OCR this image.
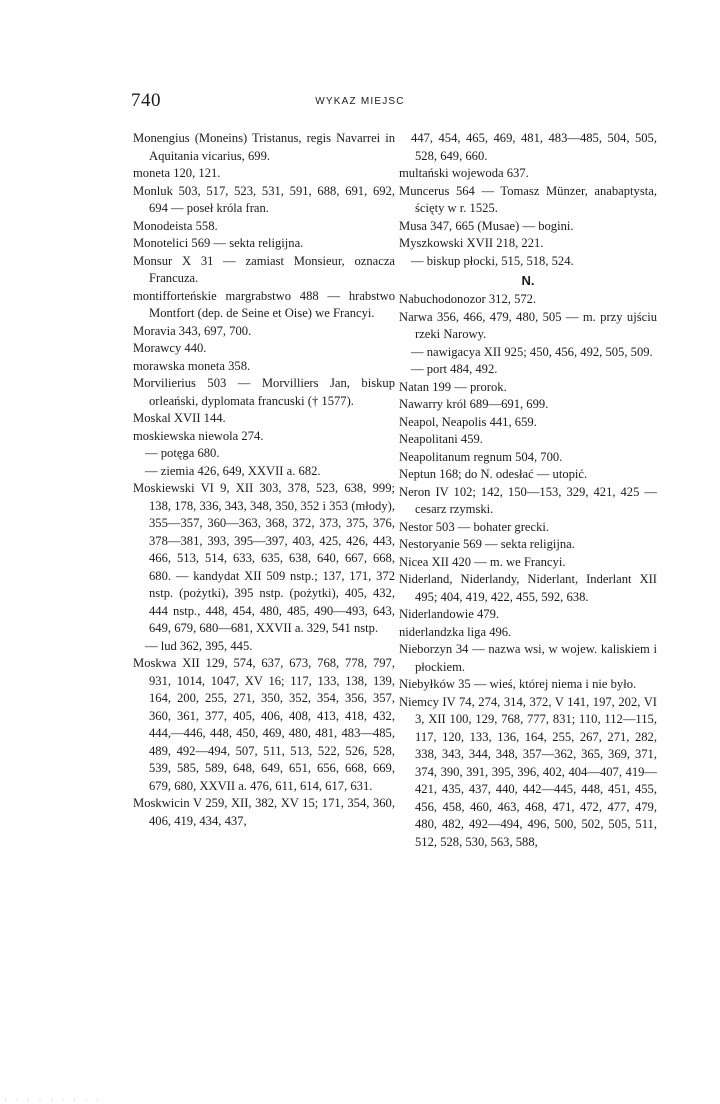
740	WYKAZ MIEJSC
Monengius (Moneins) Tristanus, regis Navarrei in Aquitania vicarius, 699.
moneta 120, 121.
Monluk 503, 517, 523, 531, 591, 688, 691, 692, 694 — poseł króla fran.
Monodeista 558.
Monotelici 569 — sekta religijna.
Monsur X 31 — zamiast Monsieur, oznacza Francuza.
montiffortеńskie margrabstwo 488 — hrabstwo Montfort (dep. de Seine et Oise) we Francyi.
Moravia 343, 697, 700.
Morawcy 440.
morawska moneta 358.
Morvilierius 503 — Morvilliers Jan, biskup orleański, dyplomata francuski († 1577).
Moskal XVII 144.
moskiewska niewola 274.
— potęga 680.
— ziemia 426, 649, XXVII a. 682.
Moskiewski VI 9, XII 303, 378, 523, 638, 999; 138, 178, 336, 343, 348, 350, 352 i 353 (młody), 355—357, 360—363, 368, 372, 373, 375, 376, 378—381, 393, 395—397, 403, 425, 426, 443, 466, 513, 514, 633, 635, 638, 640, 667, 668, 680. — kandydat XII 509 nstp.; 137, 171, 372 nstp. (pożytki), 395 nstp. (pożytki), 405, 432, 444 nstp., 448, 454, 480, 485, 490—493, 643, 649, 679, 680—681, XXVII a. 329, 541 nstp.
— lud 362, 395, 445.
Moskwa XII 129, 574, 637, 673, 768, 778, 797, 931, 1014, 1047, XV 16; 117, 133, 138, 139, 164, 200, 255, 271, 350, 352, 354, 356, 357, 360, 361, 377, 405, 406, 408, 413, 418, 432, 444,—446, 448, 450, 469, 480, 481, 483—485, 489, 492—494, 507, 511, 513, 522, 526, 528, 539, 585, 589, 648, 649, 651, 656, 668, 669, 679, 680, XXVII a. 476, 611, 614, 617, 631.
Moskwicin V 259, XII, 382, XV 15; 171, 354, 360, 406, 419, 434, 437,
447, 454, 465, 469, 481, 483—485, 504, 505, 528, 649, 660.
multański wojewoda 637.
Muncerus 564 — Tomasz Münzer, anabaptysta, ścięty w r. 1525.
Musa 347, 665 (Musae) — bogini.
Myszkowski XVII 218, 221.
— biskup płocki, 515, 518, 524.
N.
Nabuchodonozor 312, 572.
Narwa 356, 466, 479, 480, 505 — m. przy ujściu rzeki Narowy.
— nawigacya XII 925; 450, 456, 492, 505, 509.
— port 484, 492.
Natan 199 — prorok.
Nawarry król 689—691, 699.
Neapol, Neapolis 441, 659.
Neapolitani 459.
Neapolitanum regnum 504, 700.
Neptun 168; do N. odesłać — utopić.
Neron IV 102; 142, 150—153, 329, 421, 425 — cesarz rzymski.
Nestor 503 — bohater grecki.
Nestoryanie 569 — sekta religijna.
Nicea XII 420 — m. we Francyi.
Niderland, Niderlandy, Niderlant, Inderlant XII 495; 404, 419, 422, 455, 592, 638.
Niderlandowie 479.
niderlandzka liga 496.
Nieborzyn 34 — nazwa wsi, w wojew. kaliskiem i płockiem.
Niebyłków 35 — wieś, której niema i nie było.
Niemcy IV 74, 274, 314, 372, V 141, 197, 202, VI 3, XII 100, 129, 768, 777, 831; 110, 112—115, 117, 120, 133, 136, 164, 255, 267, 271, 282, 338, 343, 344, 348, 357—362, 365, 369, 371, 374, 390, 391, 395, 396, 402, 404—407, 419—421, 435, 437, 440, 442—445, 448, 451, 455, 456, 458, 460, 463, 468, 471, 472, 477, 479, 480, 482, 492—494, 496, 500, 502, 505, 511, 512, 528, 530, 563, 588,
· · · · · · · · ·
